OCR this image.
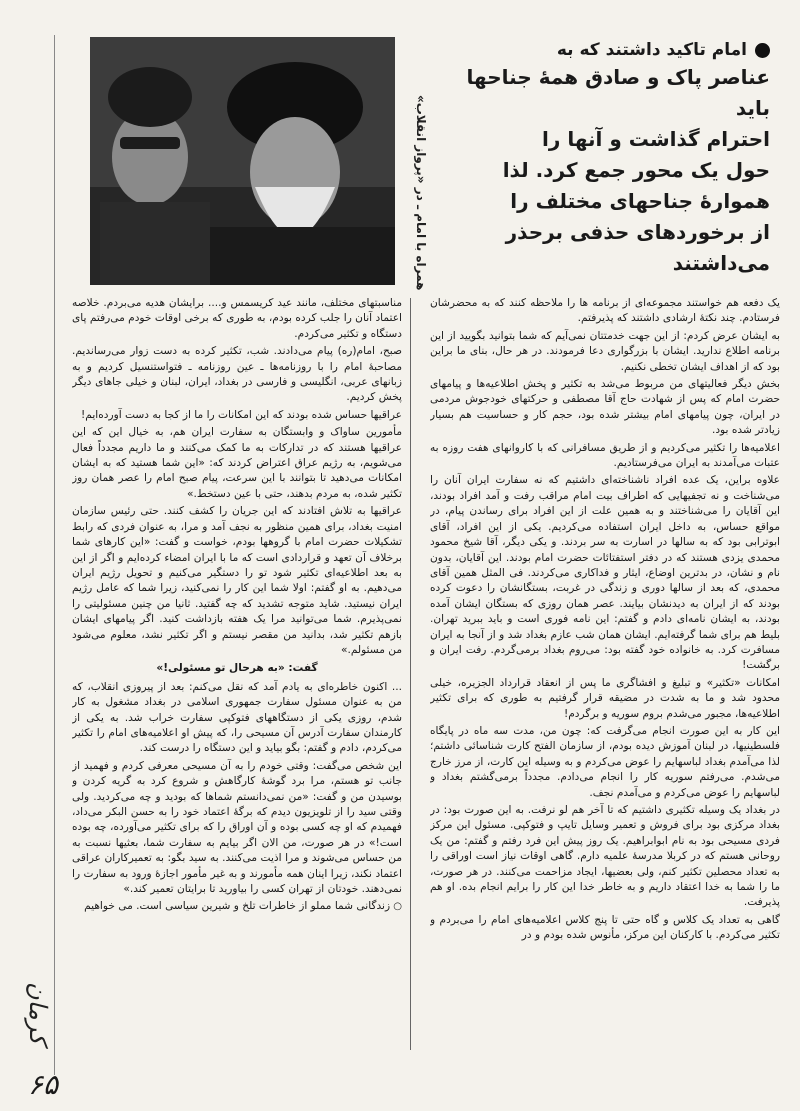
امام تاکید داشتند که به
عناصر پاک و صادق همهٔ جناحها باید
احترام گذاشت و آنها را
حول یک محور جمع کرد. لذا
هموارهٔ جناحهای مختلف را
از برخوردهای حذفی برحذر می‌داشتند
همراه با امام ـ در «پرواز انقلاب»

یک دفعه هم خواستند مجموعه‌ای از برنامه ها را ملاحظه کنند که به محضرشان فرستادم. چند نکتهٔ ارشادی داشتند که پذیرفتم.

به ایشان عرض کردم: از این جهت خدمتتان نمی‌آیم که شما بتوانید بگویید از این برنامه اطلاع ندارید. ایشان با بزرگواری دعا فرمودند. در هر حال، بنای ما براین بود که از اهداف ایشان تخطی نکنیم.

بخش دیگر فعالیتهای من مربوط می‌شد به تکثیر و پخش اطلاعیه‌ها و پیامهای حضرت امام که پس از شهادت حاج آقا مصطفی و حرکتهای خودجوش مردمی در ایران، چون پیامهای امام بیشتر شده بود، حجم کار و حساسیت هم بسیار زیادتر شده بود.

اعلامیه‌ها را تکثیر می‌کردیم و از طریق مسافرانی که با کاروانهای هفت روزه به عتبات می‌آمدند به ایران می‌فرستادیم.

علاوه براین، یک عده افراد ناشناخته‌ای داشتیم که نه سفارت ایران آنان را می‌شناخت و نه تجفیهایی که اطراف بیت امام مراقب رفت و آمد افراد بودند، این آقایان را می‌شناختند و به همین علت از این افراد برای رساندن پیام، در مواقع حساس، به داخل ایران استفاده می‌کردیم. یکی از این افراد، آقای ابوترابی بود که به سالها در اسارت به سر بردند. و یکی دیگر، آقا شیخ محمود محمدی یزدی هستند که در دفتر استفتائات حضرت امام بودند. این آقایان، بدون نام و نشان، در بدترین اوضاع، ایثار و فداکاری می‌کردند. فی المثل همین آقای محمدی، که بعد از سالها دوری و زندگی در غربت، بستگانشان را دعوت کرده بودند که از ایران به دیدنشان بیایند. عصر همان روزی که بستگان ایشان آمده بودند، به ایشان نامه‌ای دادم و گفتم: این نامه فوری است و باید ببرید تهران. بلیط هم برای شما گرفته‌ایم. ایشان همان شب عازم بغداد شد و از آنجا به ایران مسافرت کرد. به خانواده خود گفته بود: می‌روم بغداد برمی‌گردم. رفت ایران و برگشت!

امکانات «تکثیر» و تبلیغ و افشاگری ما پس از انعقاد قرارداد الجزیره، خیلی محدود شد و ما به شدت در مضیقه قرار گرفتیم به طوری که برای تکثیر اطلاعیه‌ها، مجبور می‌شدم بروم سوریه و برگردم!

این کار به این صورت انجام می‌گرفت که: چون من، مدت سه ماه در پایگاه فلسطینیها، در لبنان آموزش دیده بودم، از سازمان الفتح کارت شناسائی داشتم؛ لذا می‌آمدم بغداد لباسهایم را عوض می‌کردم و به وسیله این کارت، از مرز خارج می‌شدم. می‌رفتم سوریه کار را انجام می‌دادم. مجدداً برمی‌گشتم بغداد و لباسهایم را عوض می‌کردم و می‌آمدم نجف.

در بغداد یک وسیله تکثیری داشتیم که تا آخر هم لو نرفت. به این صورت بود: در بغداد مرکزی بود برای فروش و تعمیر وسایل تایپ و فتوکپی. مسئول این مرکز فردی مسیحی بود به نام ابوابراهیم. یک روز پیش این فرد رفتم و گفتم: من یک روحانی هستم که در کربلا مدرسهٔ علمیه دارم. گاهی اوقات نیاز است اوراقی را به تعداد محصلین تکثیر کنم، ولی بعضیها، ایجاد مزاحمت می‌کنند. در هر صورت، ما را شما به خدا اعتقاد داریم و به خاطر خدا این کار را برایم انجام بده. او هم پذیرفت.

گاهی به تعداد یک کلاس و گاه حتی تا پنج کلاس اعلامیه‌های امام را می‌بردم و تکثیر می‌کردم. با کارکنان این مرکز، مأنوس شده بودم و در

مناسبتهای مختلف، مانند عید کریسمس و.... برایشان هدیه می‌بردم. خلاصه اعتماد آنان را جلب کرده بودم، به طوری که برخی اوقات خودم می‌رفتم پای دستگاه و تکثیر می‌کردم.

صبح، امام(ره) پیام می‌دادند. شب، تکثیر کرده به دست زوار می‌رساندیم. مصاحبهٔ امام را با روزنامه‌ها ـ عین روزنامه ـ فتواستنسیل کردیم و به زبانهای عربی، انگلیسی و فارسی در بغداد، ایران، لبنان و خیلی جاهای دیگر پخش کردیم.

عراقیها حساس شده بودند که این امکانات را ما از کجا به دست آورده‌ایم!

مأمورین ساواک و وابستگان به سفارت ایران هم، به خیال این که این عراقیها هستند که در تدارکات به ما کمک می‌کنند و ما داریم مجدداً فعال می‌شویم، به رژیم عراق اعتراض کردند که: «این شما هستید که به ایشان امکانات می‌دهید تا بتوانند با این سرعت، پیام صبح امام را عصر همان روز تکثیر شده، به مردم بدهند، حتی با عین دستخط.»

عراقیها به تلاش افتادند که این جریان را کشف کنند. حتی رئیس سازمان امنیت بغداد، برای همین منظور به نجف آمد و مرا، به عنوان فردی که رابط تشکیلات حضرت امام با گروهها بودم، خواست و گفت: «این کارهای شما برخلاف آن تعهد و قراردادی است که ما با ایران امضاء کرده‌ایم و اگر از این به بعد اطلاعیه‌ای تکثیر شود تو را دستگیر می‌کنیم و تحویل رژیم ایران می‌دهیم. به او گفتم: اولا شما این کار را نمی‌کنید، زیرا شما که عامل رژیم ایران نیستید. شاید متوجه تشدید که چه گفتید. ثانیا من چنین مسئولیتی را نمی‌پذیرم. شما می‌توانید مرا یک هفته بازداشت کنید. اگر پیامهای ایشان بازهم تکثیر شد، بدانید من مقصر نیستم و اگر تکثیر نشد، معلوم می‌شود من مسئولم.»

گفت: «به هرحال تو مسئولی!»

... اکنون خاطره‌ای به یادم آمد که نقل می‌کنم: بعد از پیروزی انقلاب، که من به عنوان مسئول سفارت جمهوری اسلامی در بغداد مشغول به کار شدم، روزی یکی از دستگاههای فتوکپی سفارت خراب شد. به یکی از کارمندان سفارت آدرس آن مسیحی را، که پیش او اعلامیه‌های امام را تکثیر می‌کردم، دادم و گفتم: بگو بیاید و این دستگاه را درست کند.

این شخص می‌گفت: وقتی خودم را به آن مسیحی معرفی کردم و فهمید از جانب تو هستم، مرا برد گوشهٔ کارگاهش و شروع کرد به گریه کردن و بوسیدن من و گفت: «من نمی‌دانستم شماها که بودید و چه می‌کردید. ولی وقتی سید را از تلویزیون دیدم که برگهٔ اعتماد خود را به حسن البکر می‌داد، فهمیدم که او چه کسی بوده و آن اوراق را که برای تکثیر می‌آورده، چه بوده است!» در هر صورت، من الان اگر بیایم به سفارت شما، بعثیها نسبت به من حساس می‌شوند و مرا اذیت می‌کنند. به سید بگو: به تعمیرکاران عراقی اعتماد نکند، زیرا اینان همه مأمورند و به غیر مأمور اجازهٔ ورود به سفارت را نمی‌دهند. خودتان از تهران کسی را بیاورید تا برایتان تعمیر کند.»

○ زندگانی شما مملو از خاطرات تلخ و شیرین سیاسی است. می خواهیم

کرمان
۶۵
